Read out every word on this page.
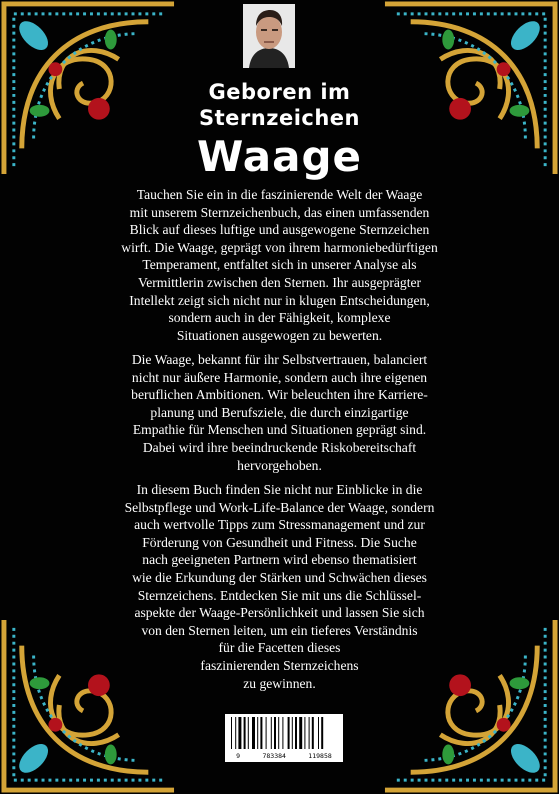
Geboren im
Sternzeichen
Waage

Tauchen Sie ein in die faszinierende Welt der Waage
mit unserem Sternzeichenbuch, das einen umfassenden
Blick auf dieses luftige und ausgewogene Sternzeichen
wirft. Die Waage, geprägt von ihrem harmoniebedürftigen
Temperament, entfaltet sich in unserer Analyse als
Vermittlerin zwischen den Sternen. Ihr ausgeprägter
Intellekt zeigt sich nicht nur in klugen Entscheidungen,
sondern auch in der Fähigkeit, komplexe
Situationen ausgewogen zu bewerten.

Die Waage, bekannt für ihr Selbstvertrauen, balanciert
nicht nur äußere Harmonie, sondern auch ihre eigenen
beruflichen Ambitionen. Wir beleuchten ihre Karriere-
planung und Berufsziele, die durch einzigartige
Empathie für Menschen und Situationen geprägt sind.
Dabei wird ihre beeindruckende Riskobereitschaft
hervorgehoben.

In diesem Buch finden Sie nicht nur Einblicke in die
Selbstpflege und Work-Life-Balance der Waage, sondern
auch wertvolle Tipps zum Stressmanagement und zur
Förderung von Gesundheit und Fitness. Die Suche
nach geeigneten Partnern wird ebenso thematisiert
wie die Erkundung der Stärken und Schwächen dieses
Sternzeichens. Entdecken Sie mit uns die Schlüssel-
aspekte der Waage-Persönlichkeit und lassen Sie sich
von den Sternen leiten, um ein tieferes Verständnis
für die Facetten dieses
faszinierenden Sternzeichens
zu gewinnen.

9	783384	119858
